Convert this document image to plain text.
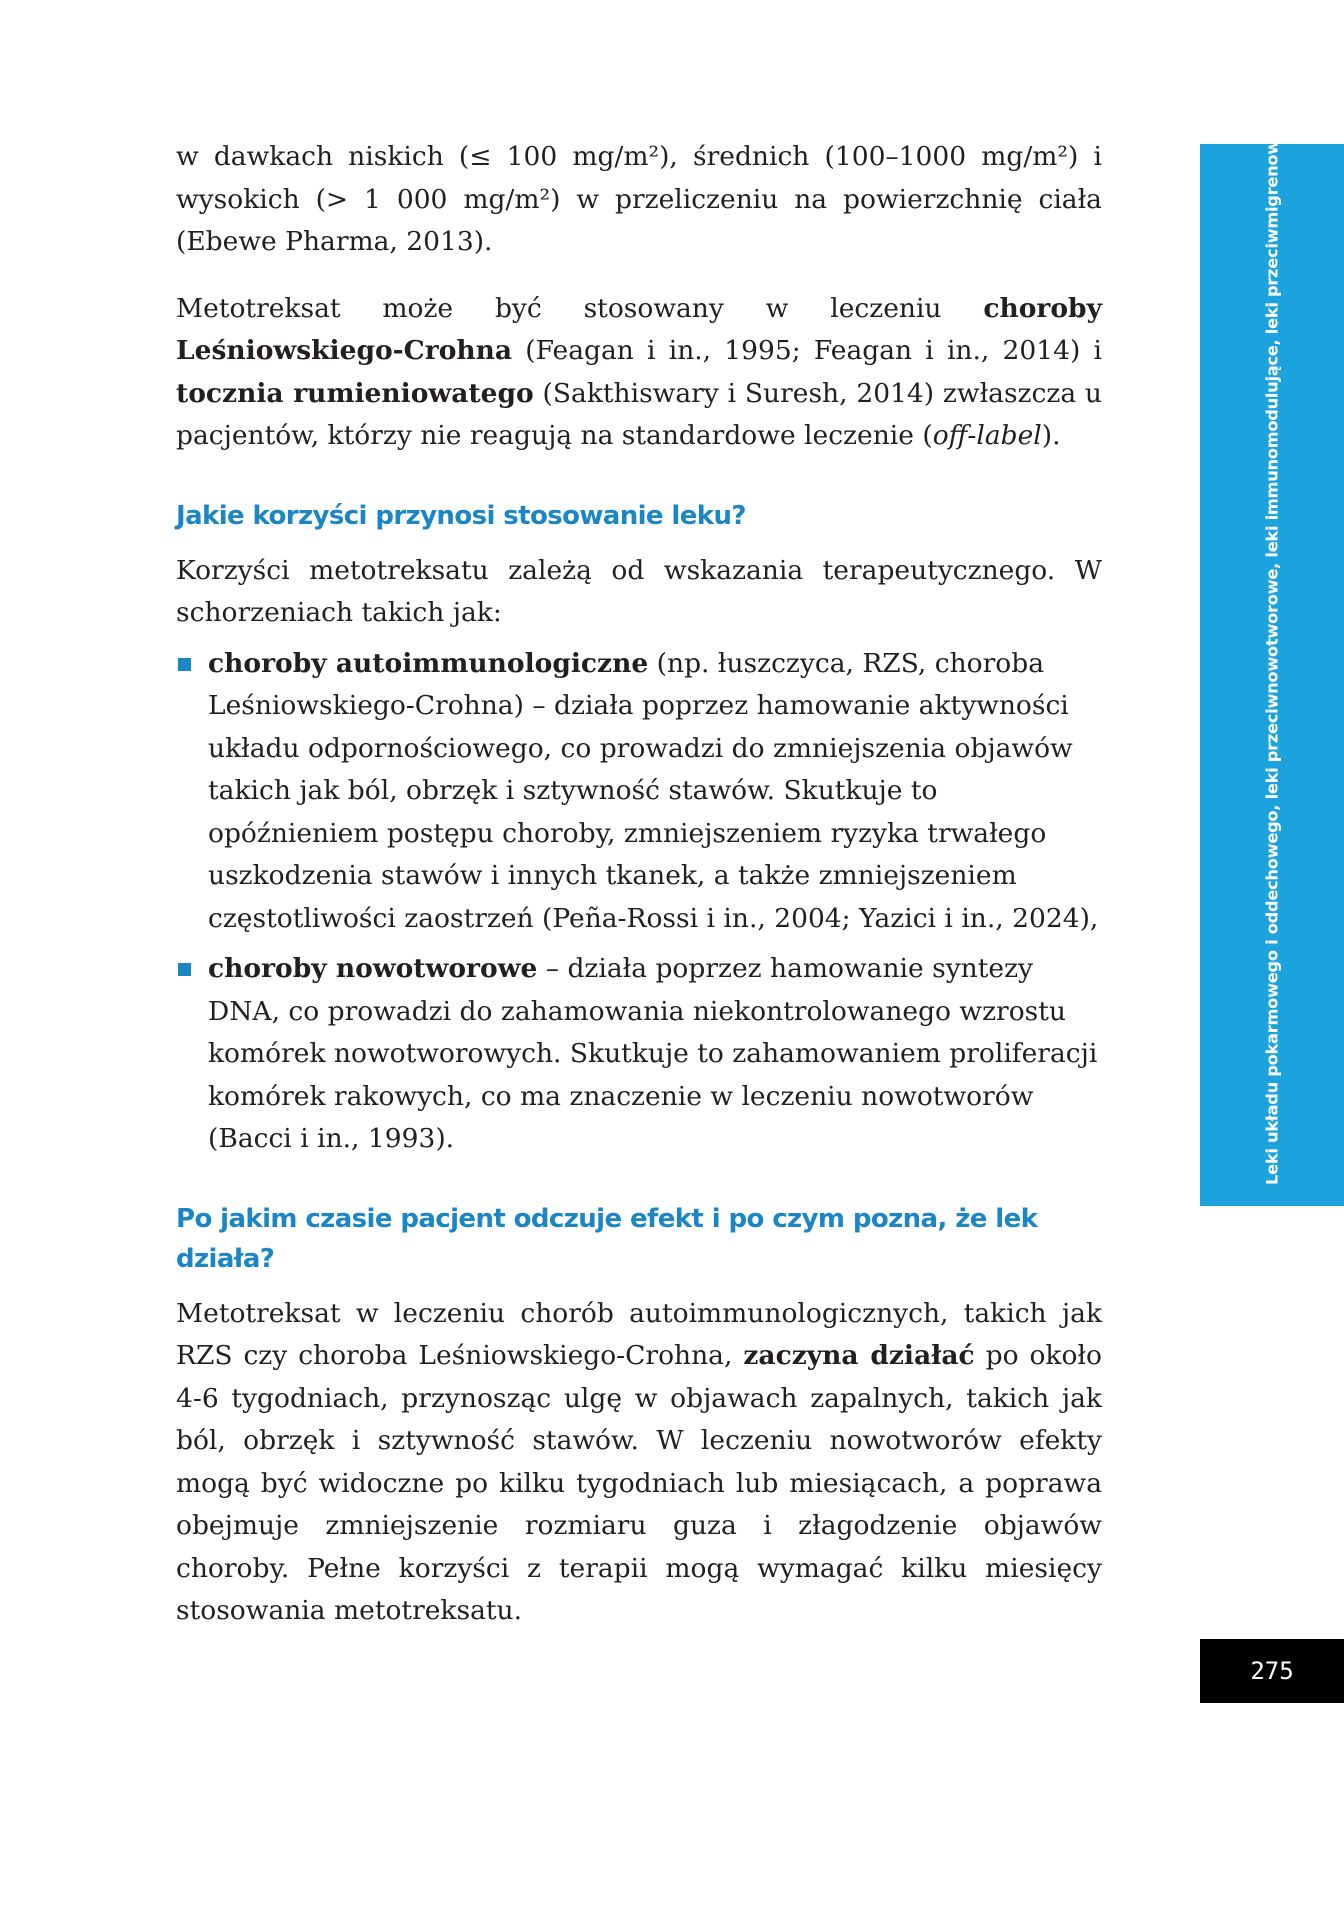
w dawkach niskich (≤ 100 mg/m²), średnich (100–1000 mg/m²) i wysokich (> 1 000 mg/m²) w przeliczeniu na powierzchnię ciała (Ebewe Pharma, 2013).

Metotreksat może być stosowany w leczeniu choroby Leśniowskiego-Crohna (Feagan i in., 1995; Feagan i in., 2014) i tocznia rumieniowatego (Sakthiswary i Suresh, 2014) zwłaszcza u pacjentów, którzy nie reagują na standardowe leczenie (off-label).

Jakie korzyści przynosi stosowanie leku?

Korzyści metotreksatu zależą od wskazania terapeutycznego. W schorzeniach takich jak:

choroby autoimmunologiczne (np. łuszczyca, RZS, choroba Leśniowskiego-Crohna) – działa poprzez hamowanie aktywności układu odpornościowego, co prowadzi do zmniejszenia objawów takich jak ból, obrzęk i sztywność stawów. Skutkuje to opóźnieniem postępu choroby, zmniejszeniem ryzyka trwałego uszkodzenia stawów i innych tkanek, a także zmniejszeniem częstotliwości zaostrzeń (Peña-Rossi i in., 2004; Yazici i in., 2024),
choroby nowotworowe – działa poprzez hamowanie syntezy DNA, co prowadzi do zahamowania niekontrolowanego wzrostu komórek nowotworowych. Skutkuje to zahamowaniem proliferacji komórek rakowych, co ma znaczenie w leczeniu nowotworów (Bacci i in., 1993).
Po jakim czasie pacjent odczuje efekt i po czym pozna, że lek działa?

Metotreksat w leczeniu chorób autoimmunologicznych, takich jak RZS czy choroba Leśniowskiego-Crohna, zaczyna działać po około 4-6 tygodniach, przynosząc ulgę w objawach zapalnych, takich jak ból, obrzęk i sztywność stawów. W leczeniu nowotworów efekty mogą być widoczne po kilku tygodniach lub miesiącach, a poprawa obejmuje zmniejszenie rozmiaru guza i złagodzenie objawów choroby. Pełne korzyści z terapii mogą wymagać kilku miesięcy stosowania metotreksatu.

Leki układu pokarmowego i oddechowego, leki przeciwnowotworowe, leki immunomodulujące, leki przeciwmigrenowe
275
